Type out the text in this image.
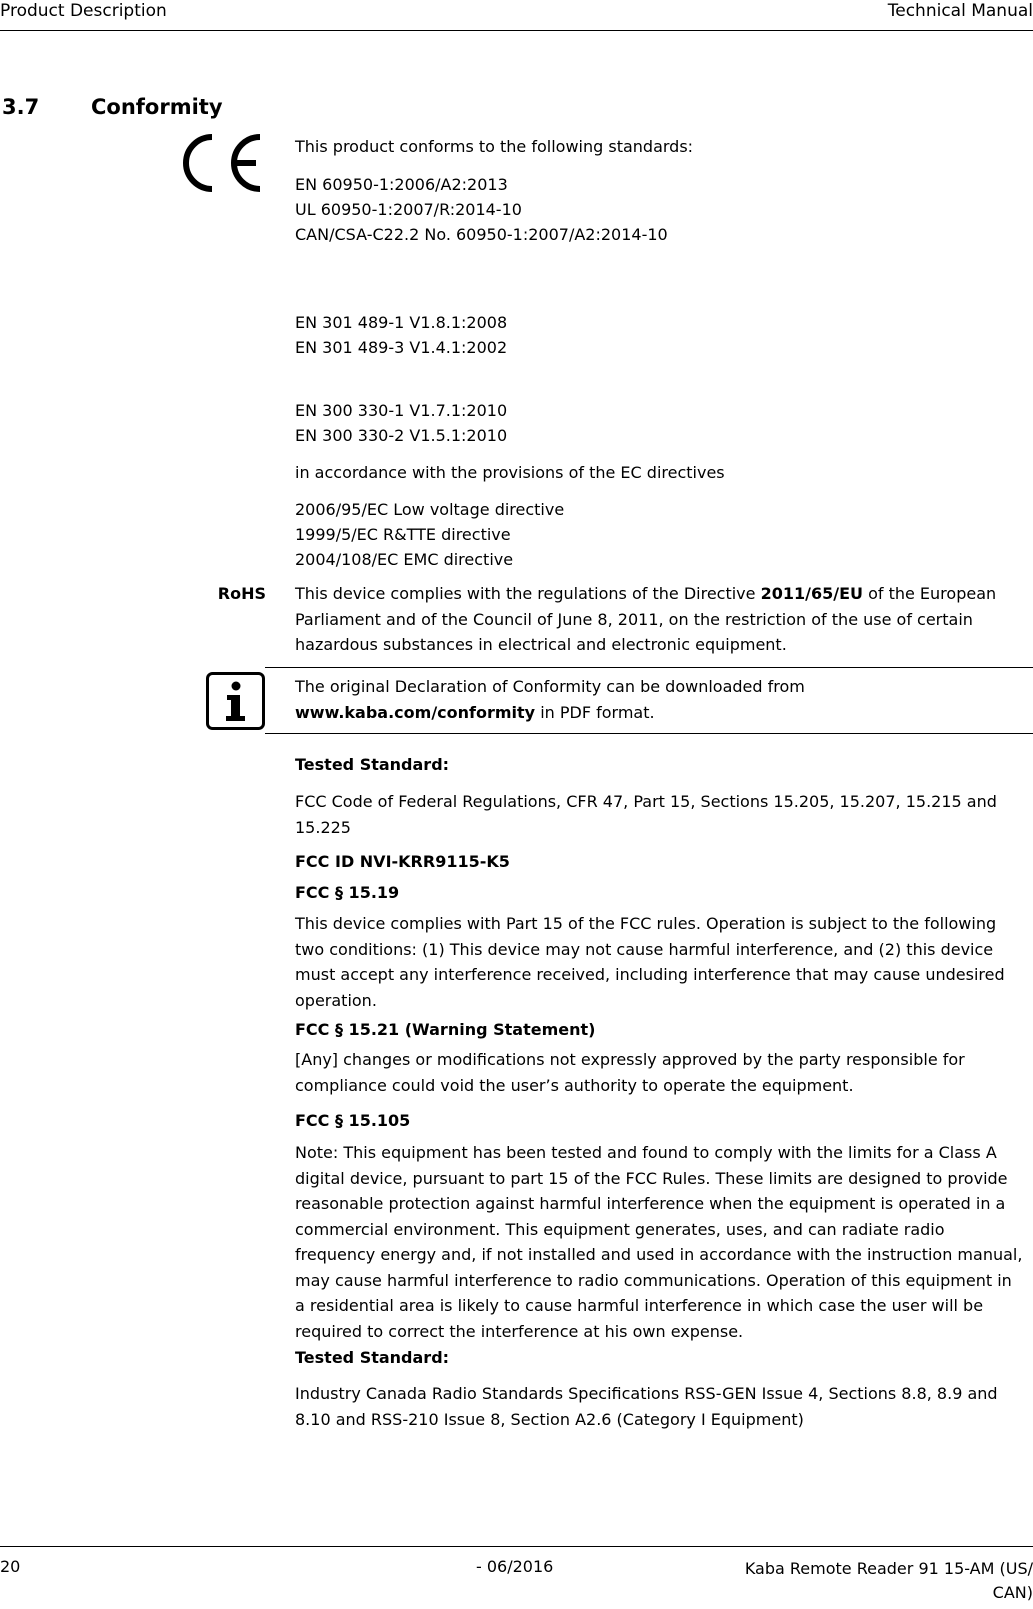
Product Description	Technical Manual
3.7 Conformity
This product conforms to the following standards:
EN 60950-1:2006/A2:2013
UL 60950-1:2007/R:2014-10
CAN/CSA-C22.2 No. 60950-1:2007/A2:2014-10
EN 301 489-1 V1.8.1:2008
EN 301 489-3 V1.4.1:2002
EN 300 330-1 V1.7.1:2010
EN 300 330-2 V1.5.1:2010
in accordance with the provisions of the EC directives
2006/95/EC Low voltage directive
1999/5/EC R&TTE directive
2004/108/EC EMC directive
RoHS This device complies with the regulations of the Directive 2011/65/EU of the European Parliament and of the Council of June 8, 2011, on the restriction of the use of certain hazardous substances in electrical and electronic equipment.
The original Declaration of Conformity can be downloaded from
www.kaba.com/conformity in PDF format.
Tested Standard:
FCC Code of Federal Regulations, CFR 47, Part 15, Sections 15.205, 15.207, 15.215 and 15.225
FCC ID NVI-KRR9115-K5
FCC § 15.19
This device complies with Part 15 of the FCC rules. Operation is subject to the following two conditions: (1) This device may not cause harmful interference, and (2) this device must accept any interference received, including interference that may cause undesired operation.
FCC § 15.21 (Warning Statement)
[Any] changes or modifications not expressly approved by the party responsible for compliance could void the user’s authority to operate the equipment.
FCC § 15.105
Note: This equipment has been tested and found to comply with the limits for a Class A digital device, pursuant to part 15 of the FCC Rules. These limits are designed to provide reasonable protection against harmful interference when the equipment is operated in a commercial environment. This equipment generates, uses, and can radiate radio frequency energy and, if not installed and used in accordance with the instruction manual, may cause harmful interference to radio communications. Operation of this equipment in a residential area is likely to cause harmful interference in which case the user will be required to correct the interference at his own expense.
Tested Standard:
Industry Canada Radio Standards Specifications RSS-GEN Issue 4, Sections 8.8, 8.9 and 8.10 and RSS-210 Issue 8, Section A2.6 (Category I Equipment)
20	- 06/2016	Kaba Remote Reader 91 15-AM (US/
CAN)
